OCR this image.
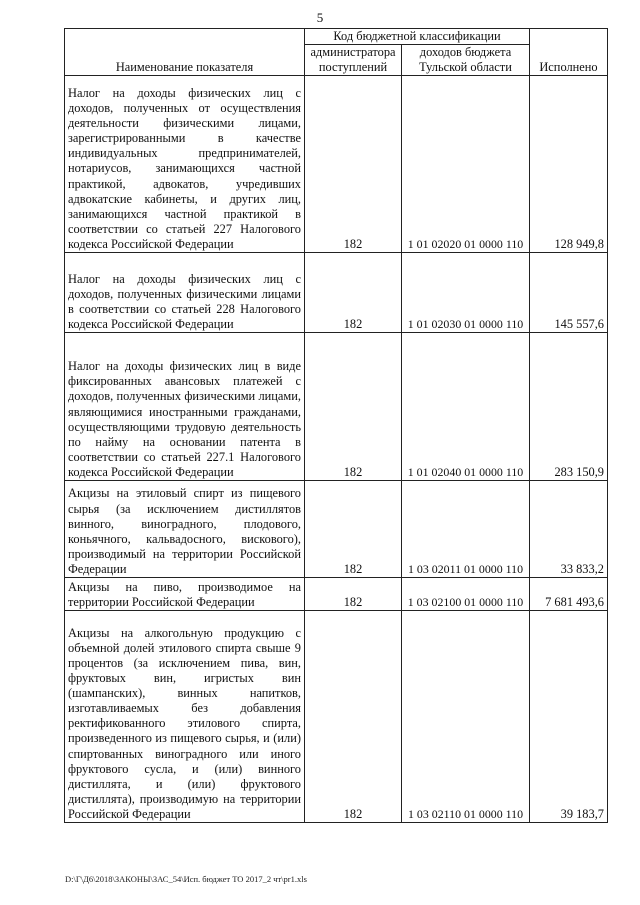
5
Наименование показателя	Код бюджетной классификации		Исполнено
	администратора поступлений	доходов бюджета Тульской области	
Налог на доходы физических лиц с доходов, полученных от осуществления деятельности физическими лицами, зарегистрированными в качестве индивидуальных предпринимателей, нотариусов, занимающихся частной практикой, адвокатов, учредивших адвокатские кабинеты, и других лиц, занимающихся частной практикой в соответствии со статьей 227 Налогового кодекса Российской Федерации	182	1 01 02020 01 0000 110	128 949,8
Налог на доходы физических лиц с доходов, полученных физическими лицами в соответствии со статьей 228 Налогового кодекса Российской Федерации	182	1 01 02030 01 0000 110	145 557,6
Налог на доходы физических лиц в виде фиксированных авансовых платежей с доходов, полученных физическими лицами, являющимися иностранными гражданами, осуществляющими трудовую деятельность по найму на основании патента в соответствии со статьей 227.1 Налогового кодекса Российской Федерации	182	1 01 02040 01 0000 110	283 150,9
Акцизы на этиловый спирт из пищевого сырья (за исключением дистиллятов винного, виноградного, плодового, коньячного, кальвадосного, вискового), производимый на территории Российской Федерации	182	1 03 02011 01 0000 110	33 833,2
Акцизы на пиво, производимое на территории Российской Федерации	182	1 03 02100 01 0000 110	7 681 493,6
Акцизы на алкогольную продукцию с объемной долей этилового спирта свыше 9 процентов (за исключением пива, вин, фруктовых вин, игристых вин (шампанских), винных напитков, изготавливаемых без добавления ректификованного этилового спирта, произведенного из пищевого сырья, и (или) спиртованных виноградного или иного фруктового сусла, и (или) винного дистиллята, и (или) фруктового дистиллята), производимую на территории Российской Федерации	182	1 03 02110 01 0000 110	39 183,7
D:\Г\Д6\2018\ЗАКОНЫ\ЗАС_54\Исп. бюджет ТО 2017_2 чт\pr1.xls
